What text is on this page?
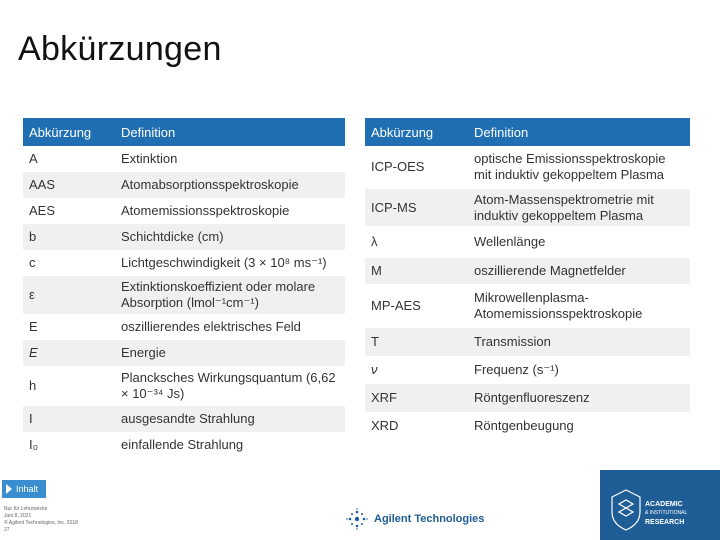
Abkürzungen
Abkürzung	Definition
A	Extinktion
AAS	Atomabsorptionsspektroskopie
AES	Atomemissionsspektroskopie
b	Schichtdicke (cm)
c	Lichtgeschwindigkeit (3 × 10⁸ ms⁻¹)
ε	Extinktionskoeffizient oder molare Absorption (lmol⁻¹cm⁻¹)
E	oszillierendes elektrisches Feld
E	Energie
h	Plancksches Wirkungsquantum (6,62 × 10⁻³⁴ Js)
I	ausgesandte Strahlung
I₀	einfallende Strahlung
Abkürzung	Definition
ICP-OES	optische Emissionsspektroskopie mit induktiv gekoppeltem Plasma
ICP-MS	Atom-Massenspektrometrie mit induktiv gekoppeltem Plasma
λ	Wellenlänge
M	oszillierende Magnetfelder
MP-AES	Mikrowellenplasma-Atomemissionsspektroskopie
T	Transmission
ν	Frequenz (s⁻¹)
XRF	Röntgenfluoreszenz
XRD	Röntgenbeugung
Inhalt
Nur für Lehrzwecke
Juni 8, 2021
© Agilent Technologies, Inc. 2018
27
Agilent Technologies
ACADEMIC
& INSTITUTIONAL
RESEARCH
